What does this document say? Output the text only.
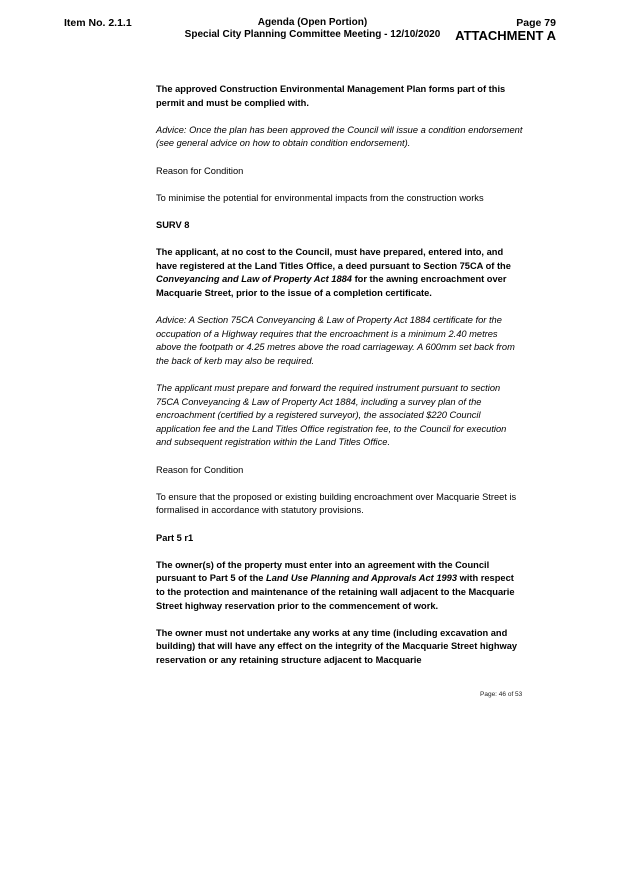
Item No. 2.1.1	Agenda (Open Portion)
Special City Planning Committee Meeting - 12/10/2020
Page 79
ATTACHMENT A

The approved Construction Environmental Management Plan forms part of this permit and must be complied with.

Advice: Once the plan has been approved the Council will issue a condition endorsement (see general advice on how to obtain condition endorsement).

Reason for Condition

To minimise the potential for environmental impacts from the construction works

SURV 8

The applicant, at no cost to the Council, must have prepared, entered into, and have registered at the Land Titles Office, a deed pursuant to Section 75CA of the Conveyancing and Law of Property Act 1884 for the awning encroachment over Macquarie Street, prior to the issue of a completion certificate.

Advice: A Section 75CA Conveyancing & Law of Property Act 1884 certificate for the occupation of a Highway requires that the encroachment is a minimum 2.40 metres above the footpath or 4.25 metres above the road carriageway. A 600mm set back from the back of kerb may also be required.

The applicant must prepare and forward the required instrument pursuant to section 75CA Conveyancing & Law of Property Act 1884, including a survey plan of the encroachment (certified by a registered surveyor), the associated $220 Council application fee and the Land Titles Office registration fee, to the Council for execution and subsequent registration within the Land Titles Office.

Reason for Condition

To ensure that the proposed or existing building encroachment over Macquarie Street is formalised in accordance with statutory provisions.

Part 5 r1

The owner(s) of the property must enter into an agreement with the Council pursuant to Part 5 of the Land Use Planning and Approvals Act 1993 with respect to the protection and maintenance of the retaining wall adjacent to the Macquarie Street highway reservation prior to the commencement of work.

The owner must not undertake any works at any time (including excavation and building) that will have any effect on the integrity of the Macquarie Street highway reservation or any retaining structure adjacent to Macquarie

Page: 46 of 53
